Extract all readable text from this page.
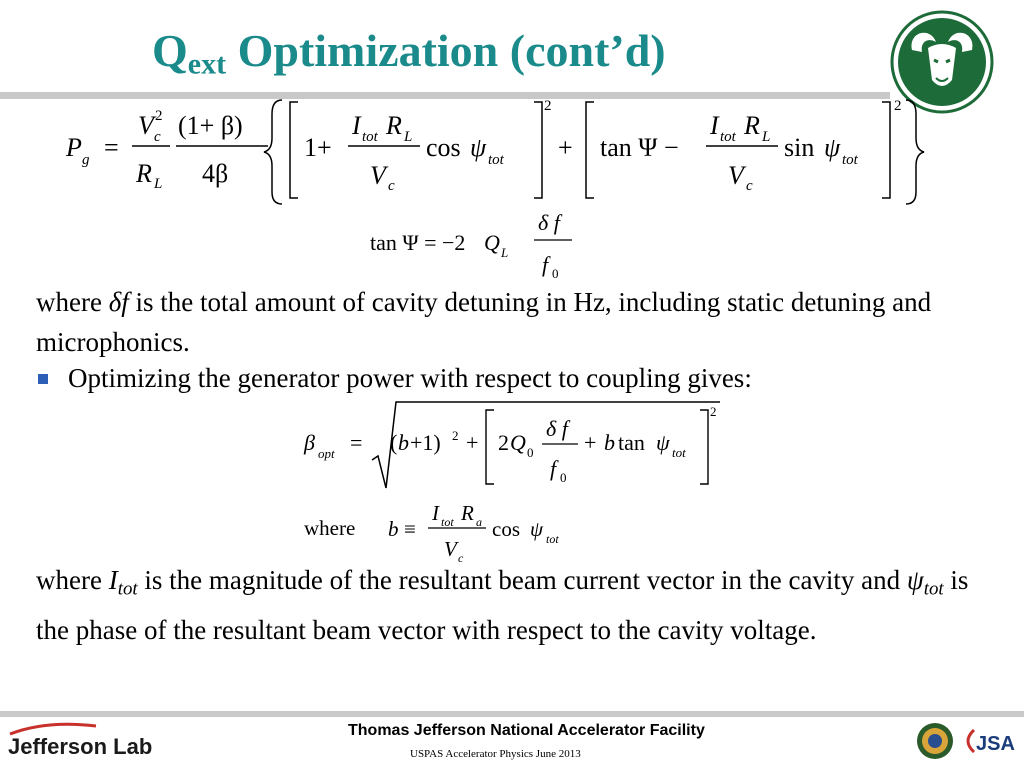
$Q_{ext}$ Optimization (cont’d)
P g =
V c
2
R L
(1+ β)
4β
1+
I tot R L
V c
cos ψ tot
2
+ tan Ψ −
I tot R L
V c
sin ψ tot
2
tan Ψ = −2 Q L
δ f
f 0
where δf is the total amount of cavity detuning in Hz, including static detuning and microphonics.
Optimizing the generator power with respect to coupling gives:
β opt = ( b +1) 2 + 2 Q 0
δ f
f 0
+ b tan ψ tot
2
where b ≡
I tot R a
V c
cos ψ tot
where $I_{tot}$ is the magnitude of the resultant beam current vector in the cavity and $\psi_{tot}$ is the phase of the resultant beam vector with respect to the cavity voltage.
Jefferson Lab
Thomas Jefferson National Accelerator Facility
USPAS Accelerator Physics June 2013	JSA
